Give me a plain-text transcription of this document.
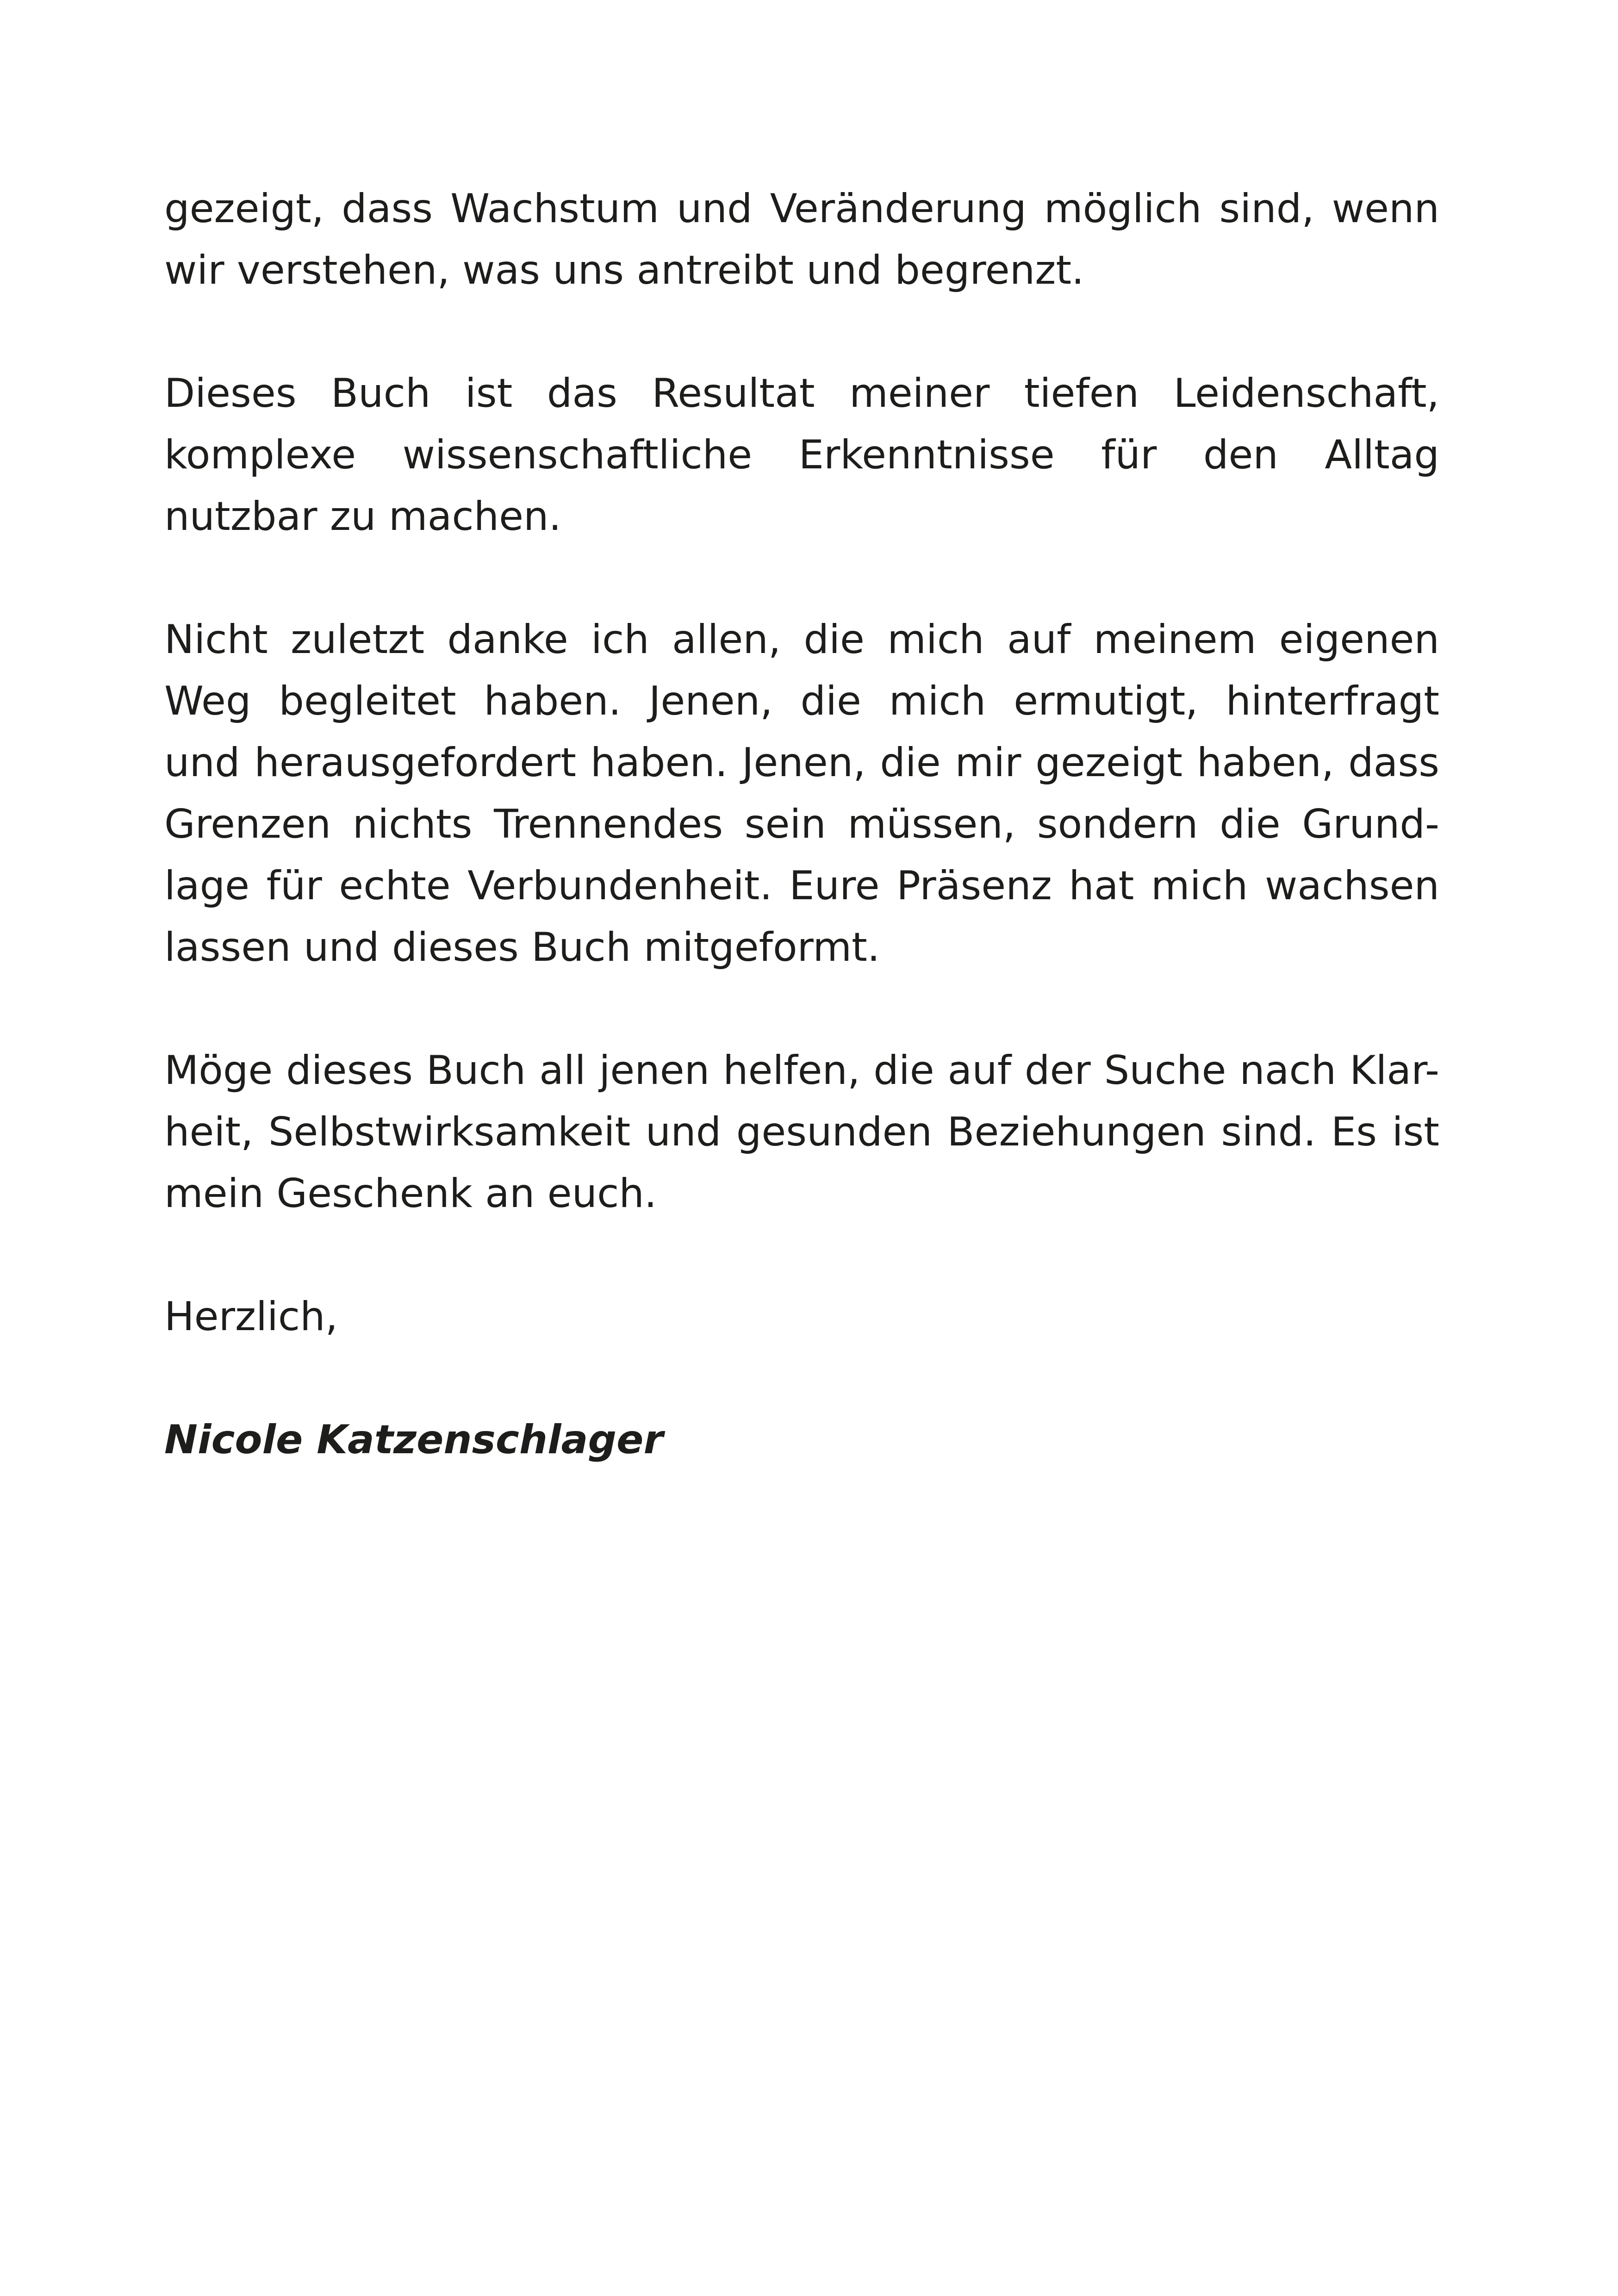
gezeigt, dass Wachstum und Veränderung möglich sind, wenn
wir verstehen, was uns antreibt und begrenzt.

Dieses Buch ist das Resultat meiner tiefen Leidenschaft,
komplexe wissenschaftliche Erkenntnisse für den Alltag
nutzbar zu machen.

Nicht zuletzt danke ich allen, die mich auf meinem eigenen
Weg begleitet haben. Jenen, die mich ermutigt, hinterfragt
und herausgefordert haben. Jenen, die mir gezeigt haben, dass
Grenzen nichts Trennendes sein müssen, sondern die Grund-
lage für echte Verbundenheit. Eure Präsenz hat mich wachsen
lassen und dieses Buch mitgeformt.

Möge dieses Buch all jenen helfen, die auf der Suche nach Klar-
heit, Selbstwirksamkeit und gesunden Beziehungen sind. Es ist
mein Geschenk an euch.

Herzlich,

Nicole Katzenschlager
